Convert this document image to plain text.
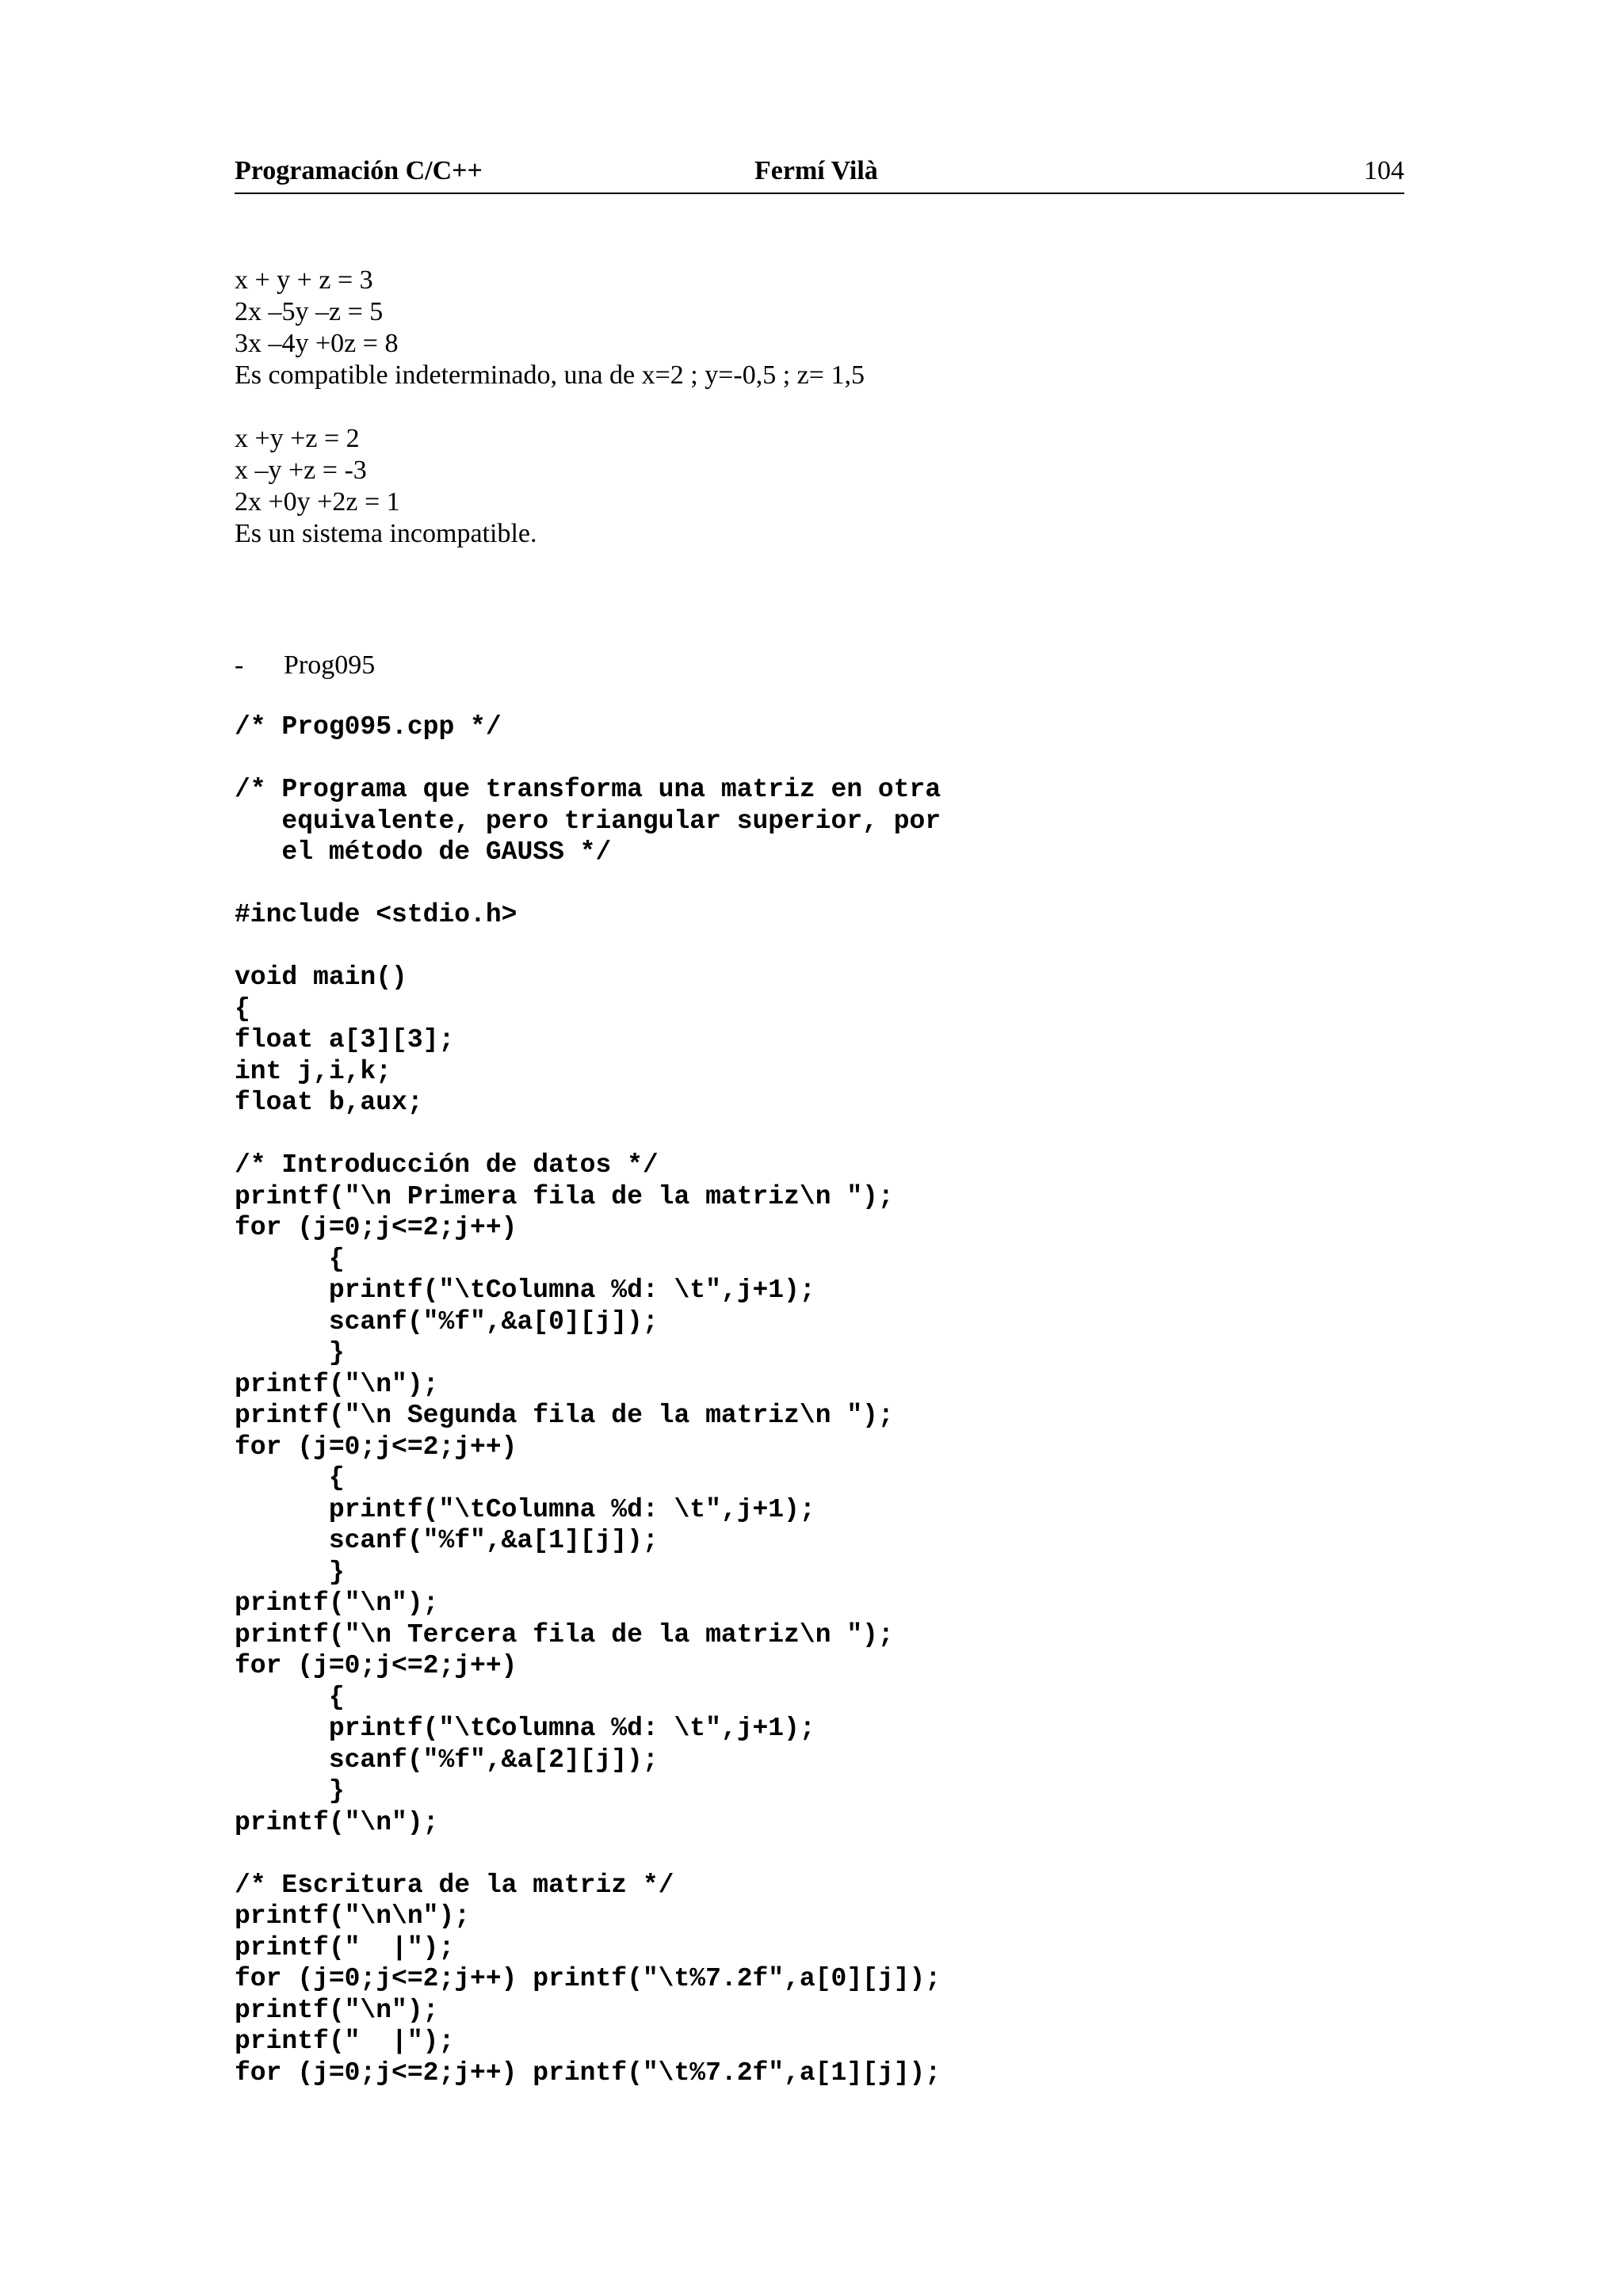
Programación C/C++	Fermí Vilà	104
x + y + z = 3
2x –5y –z = 5
3x –4y +0z = 8
Es compatible indeterminado, una de x=2 ; y=-0,5 ; z= 1,5
x +y +z = 2
x –y +z = -3
2x +0y +2z = 1
Es un sistema incompatible.
- Prog095
/* Prog095.cpp */
/* Programa que transforma una matriz en otra
equivalente, pero triangular superior, por
el método de GAUSS */
#include <stdio.h>
void main()
{
float a[3][3];
int j,i,k;
float b,aux;
/* Introducción de datos */
printf("\n Primera fila de la matriz\n ");
for (j=0;j<=2;j++)
{
printf("\tColumna %d: \t",j+1);
scanf("%f",&a[0][j]);
}
printf("\n");
printf("\n Segunda fila de la matriz\n ");
for (j=0;j<=2;j++)
{
printf("\tColumna %d: \t",j+1);
scanf("%f",&a[1][j]);
}
printf("\n");
printf("\n Tercera fila de la matriz\n ");
for (j=0;j<=2;j++)
{
printf("\tColumna %d: \t",j+1);
scanf("%f",&a[2][j]);
}
printf("\n");
/* Escritura de la matriz */
printf("\n\n");
printf("  |");
for (j=0;j<=2;j++) printf("\t%7.2f",a[0][j]);
printf("\n");
printf("  |");
for (j=0;j<=2;j++) printf("\t%7.2f",a[1][j]);
